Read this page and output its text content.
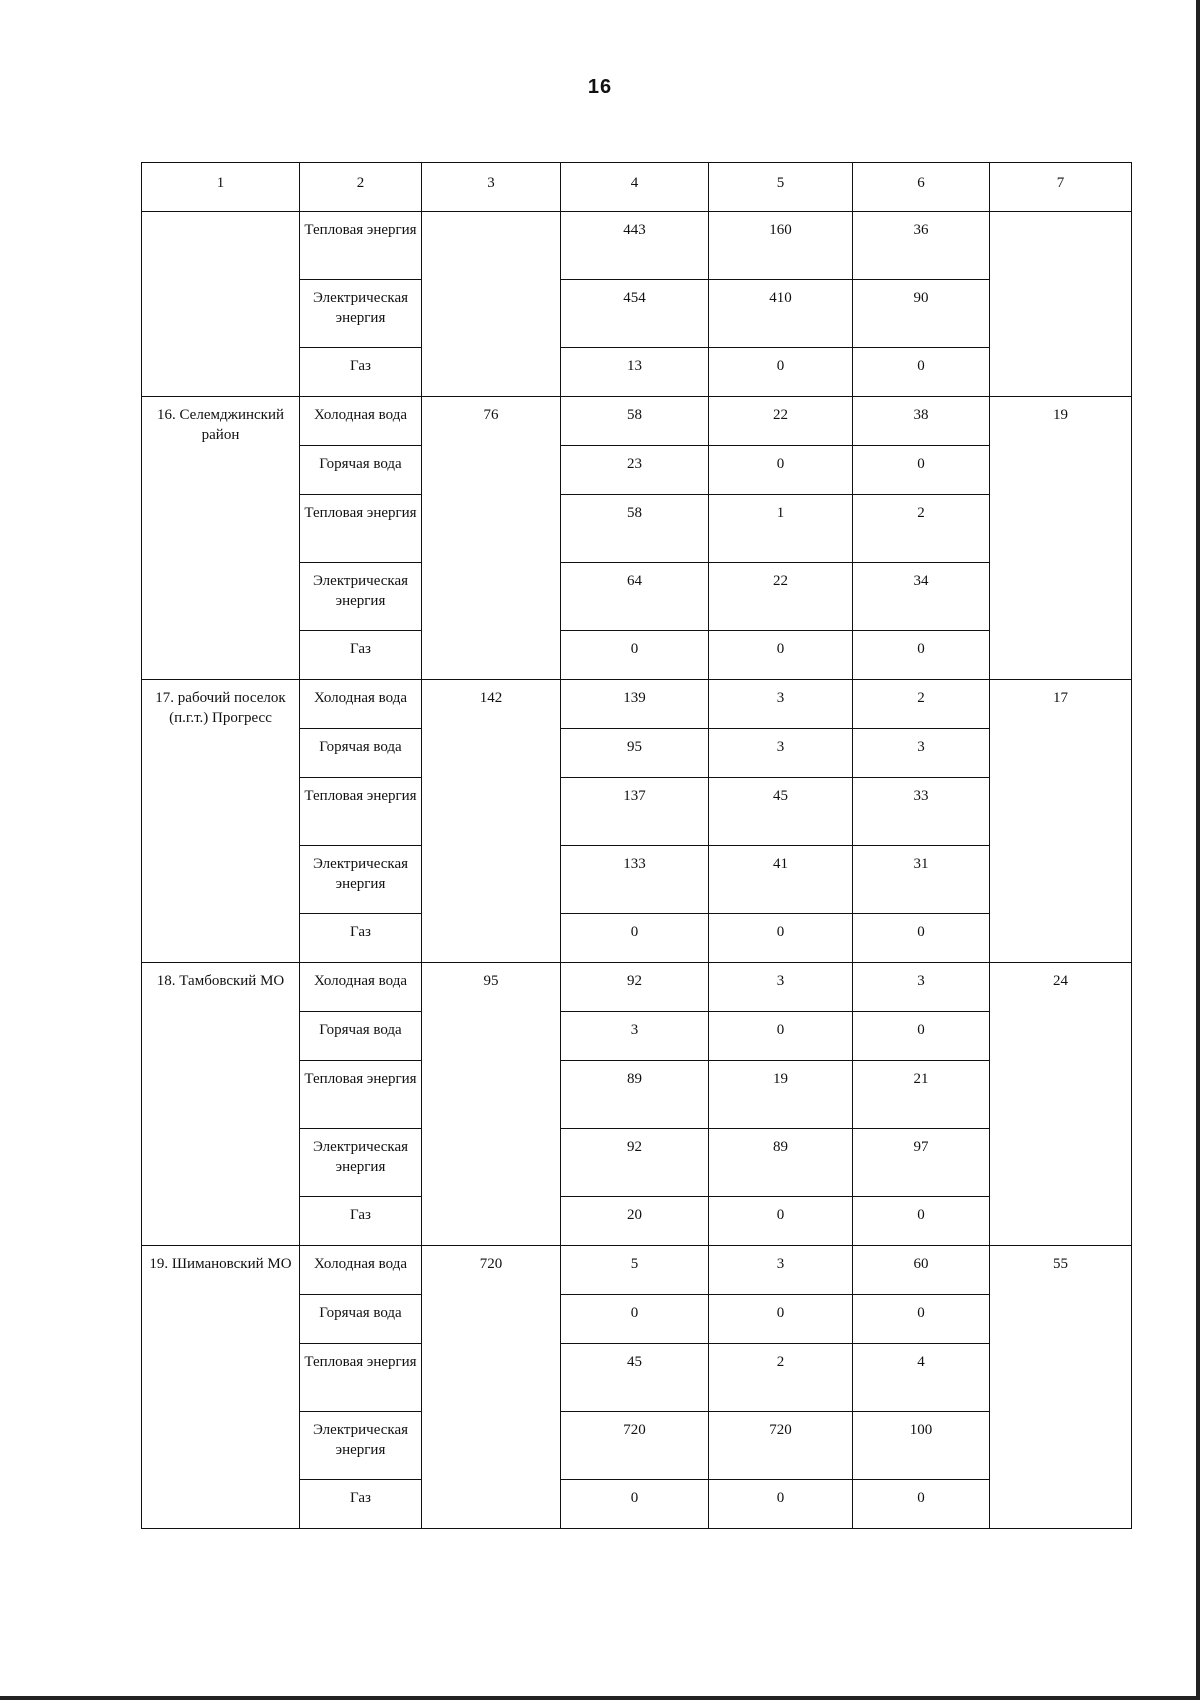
16
1	2	3	4	5	6	7
	Тепловая энергия		443	160	36	
	Электрическая энергия		454	410	90	
	Газ		13	0	0	
16. Селемджинский район	Холодная вода	76	58	22	38	19
	Горячая вода		23	0	0	
	Тепловая энергия		58	1	2	
	Электрическая энергия		64	22	34	
	Газ		0	0	0	
17. рабочий поселок (п.г.т.) Прогресс	Холодная вода	142	139	3	2	17
	Горячая вода		95	3	3	
	Тепловая энергия		137	45	33	
	Электрическая энергия		133	41	31	
	Газ		0	0	0	
18. Тамбовский МО	Холодная вода	95	92	3	3	24
	Горячая вода		3	0	0	
	Тепловая энергия		89	19	21	
	Электрическая энергия		92	89	97	
	Газ		20	0	0	
19. Шимановский МО	Холодная вода	720	5	3	60	55
	Горячая вода		0	0	0	
	Тепловая энергия		45	2	4	
	Электрическая энергия		720	720	100	
	Газ		0	0	0	
